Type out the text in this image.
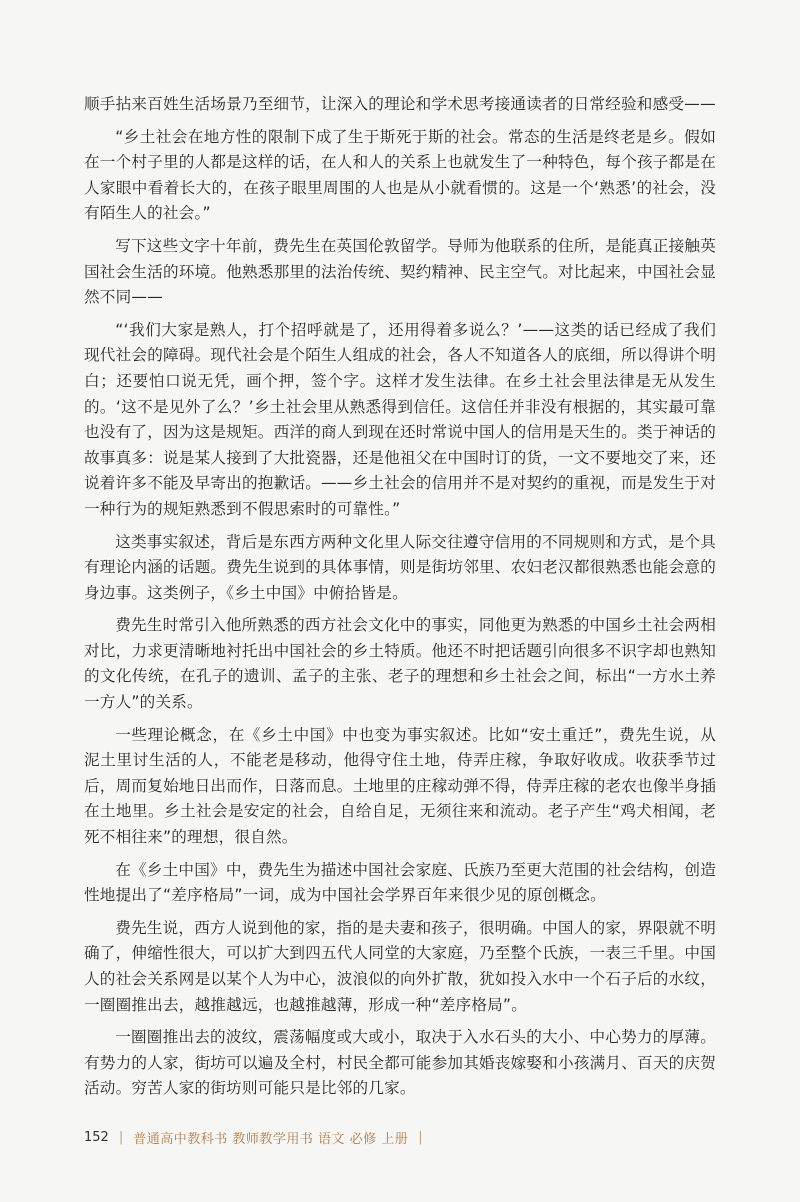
顺手拈来百姓生活场景乃至细节，让深入的理论和学术思考接通读者的日常经验和感受——

“乡土社会在地方性的限制下成了生于斯死于斯的社会。常态的生活是终老是乡。假如在一个村子里的人都是这样的话，在人和人的关系上也就发生了一种特色，每个孩子都是在人家眼中看着长大的，在孩子眼里周围的人也是从小就看惯的。这是一个‘熟悉’的社会，没有陌生人的社会。”

写下这些文字十年前，费先生在英国伦敦留学。导师为他联系的住所，是能真正接触英国社会生活的环境。他熟悉那里的法治传统、契约精神、民主空气。对比起来，中国社会显然不同——

“‘我们大家是熟人，打个招呼就是了，还用得着多说么？’——这类的话已经成了我们现代社会的障碍。现代社会是个陌生人组成的社会，各人不知道各人的底细，所以得讲个明白；还要怕口说无凭，画个押，签个字。这样才发生法律。在乡土社会里法律是无从发生的。‘这不是见外了么？’乡土社会里从熟悉得到信任。这信任并非没有根据的，其实最可靠也没有了，因为这是规矩。西洋的商人到现在还时常说中国人的信用是天生的。类于神话的故事真多：说是某人接到了大批瓷器，还是他祖父在中国时订的货，一文不要地交了来，还说着许多不能及早寄出的抱歉话。——乡土社会的信用并不是对契约的重视，而是发生于对一种行为的规矩熟悉到不假思索时的可靠性。”

这类事实叙述，背后是东西方两种文化里人际交往遵守信用的不同规则和方式，是个具有理论内涵的话题。费先生说到的具体事情，则是街坊邻里、农妇老汉都很熟悉也能会意的身边事。这类例子，《乡土中国》中俯拾皆是。

费先生时常引入他所熟悉的西方社会文化中的事实，同他更为熟悉的中国乡土社会两相对比，力求更清晰地衬托出中国社会的乡土特质。他还不时把话题引向很多不识字却也熟知的文化传统，在孔子的遗训、孟子的主张、老子的理想和乡土社会之间，标出“一方水土养一方人”的关系。

一些理论概念，在《乡土中国》中也变为事实叙述。比如“安土重迁”，费先生说，从泥土里讨生活的人，不能老是移动，他得守住土地，侍弄庄稼，争取好收成。收获季节过后，周而复始地日出而作，日落而息。土地里的庄稼动弹不得，侍弄庄稼的老农也像半身插在土地里。乡土社会是安定的社会，自给自足，无须往来和流动。老子产生“鸡犬相闻，老死不相往来”的理想，很自然。

在《乡土中国》中，费先生为描述中国社会家庭、氏族乃至更大范围的社会结构，创造性地提出了“差序格局”一词，成为中国社会学界百年来很少见的原创概念。

费先生说，西方人说到他的家，指的是夫妻和孩子，很明确。中国人的家，界限就不明确了，伸缩性很大，可以扩大到四五代人同堂的大家庭，乃至整个氏族，一表三千里。中国人的社会关系网是以某个人为中心，波浪似的向外扩散，犹如投入水中一个石子后的水纹，一圈圈推出去，越推越远，也越推越薄，形成一种“差序格局”。

一圈圈推出去的波纹，震荡幅度或大或小，取决于入水石头的大小、中心势力的厚薄。有势力的人家，街坊可以遍及全村，村民全都可能参加其婚丧嫁娶和小孩满月、百天的庆贺活动。穷苦人家的街坊则可能只是比邻的几家。

152 | 普通高中教科书 教师教学用书 语文 必修 上册 |
